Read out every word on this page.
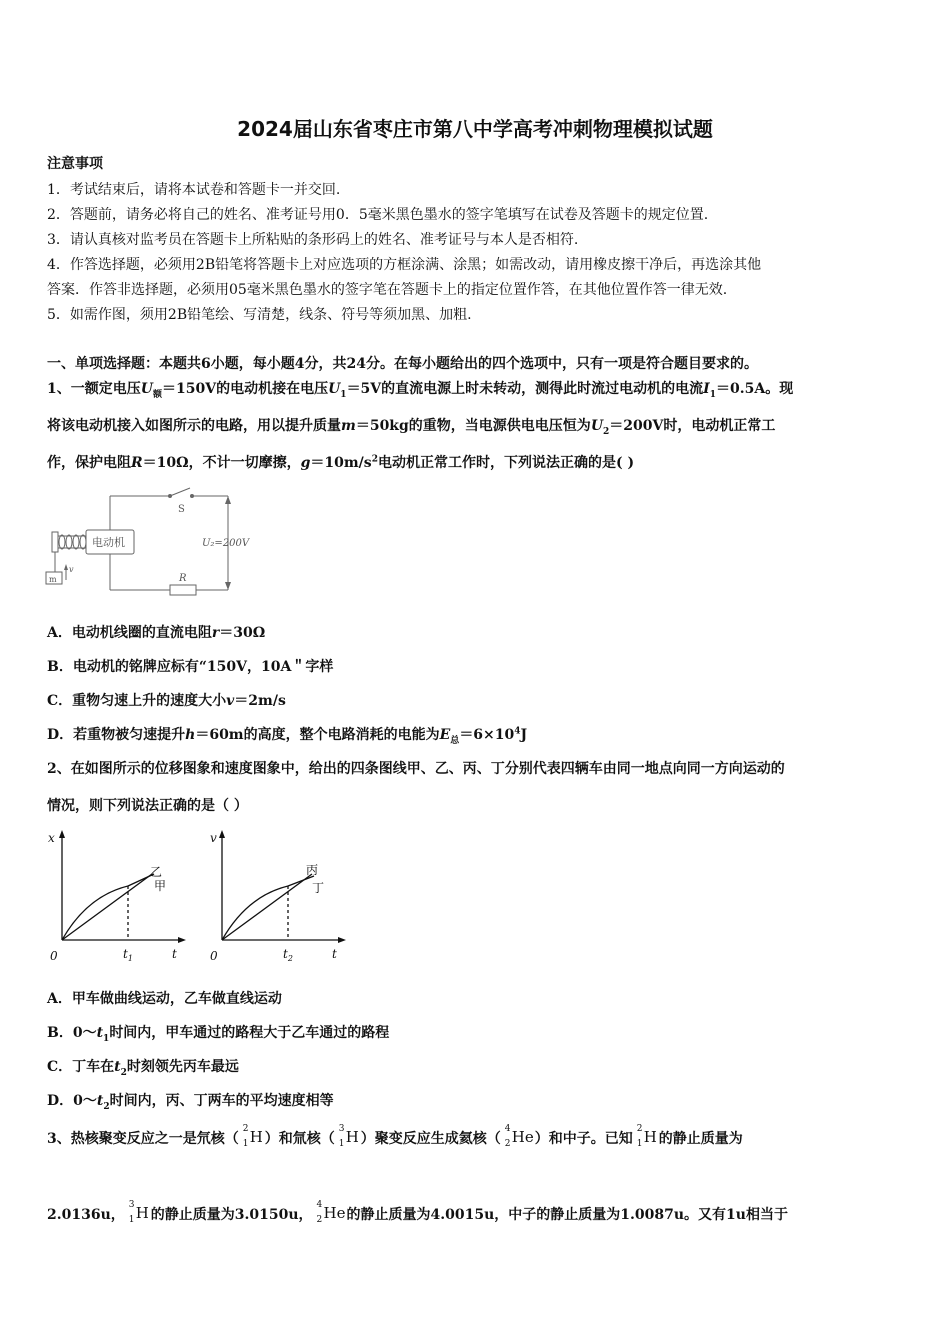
2024届山东省枣庄市第八中学高考冲刺物理模拟试题
注意事项
1．考试结束后，请将本试卷和答题卡一并交回.
2．答题前，请务必将自己的姓名、准考证号用0．5毫米黑色墨水的签字笔填写在试卷及答题卡的规定位置.
3．请认真核对监考员在答题卡上所粘贴的条形码上的姓名、准考证号与本人是否相符.
4．作答选择题，必须用2B铅笔将答题卡上对应选项的方框涂满、涂黑；如需改动，请用橡皮擦干净后，再选涂其他
答案．作答非选择题，必须用05毫米黑色墨水的签字笔在答题卡上的指定位置作答，在其他位置作答一律无效.
5．如需作图，须用2B铅笔绘、写清楚，线条、符号等须加黑、加粗.
一、单项选择题：本题共6小题，每小题4分，共24分。在每小题给出的四个选项中，只有一项是符合题目要求的。
1、一额定电压$U_额=150V$的电动机接在电压$U_1=5V$的直流电源上时未转动，测得此时流过电动机的电流$I_1=0.5A$。现
将该电动机接入如图所示的电路，用以提升质量m＝50kg的重物，当电源供电电压恒为$U_2=200V$时，电动机正常工
作，保护电阻R＝10Ω，不计一切摩擦，$g=10m/s^2$电动机正常工作时，下列说法正确的是( )
电动机
S
U₂=200V
R
m
v
A．电动机线圈的直流电阻r＝30Ω
B．电动机的铭牌应标有“150V，10A＂字样
C．重物匀速上升的速度大小v＝2m/s
D．若重物被匀速提升h＝60m的高度，整个电路消耗的电能为$E_总=6\times 10^4J$
2、在如图所示的位移图象和速度图象中，给出的四条图线甲、乙、丙、丁分别代表四辆车由同一地点向同一方向运动的
情况，则下列说法正确的是（ ）
x
t
0	$t_1$
乙
甲
v
t
0	$t_2$
丙
丁
A．甲车做曲线运动，乙车做直线运动
B．$0\sim t_1$时间内，甲车通过的路程大于乙车通过的路程
C．丁车在$t_2$时刻领先丙车最远
D．$0\sim t_2$时间内，丙、丁两车的平均速度相等
3、热核聚变反应之一是氘核（
2
1 H ）和氚核（
3
1 H ）聚变反应生成氦核（
4
2 He ）和中子。已知
2
1 H 的静止质量为
2.0136u，
3
1 H 的静止质量为3.0150u，
4
2 He 的静止质量为4.0015u，中子的静止质量为1.0087u。又有1u相当于
